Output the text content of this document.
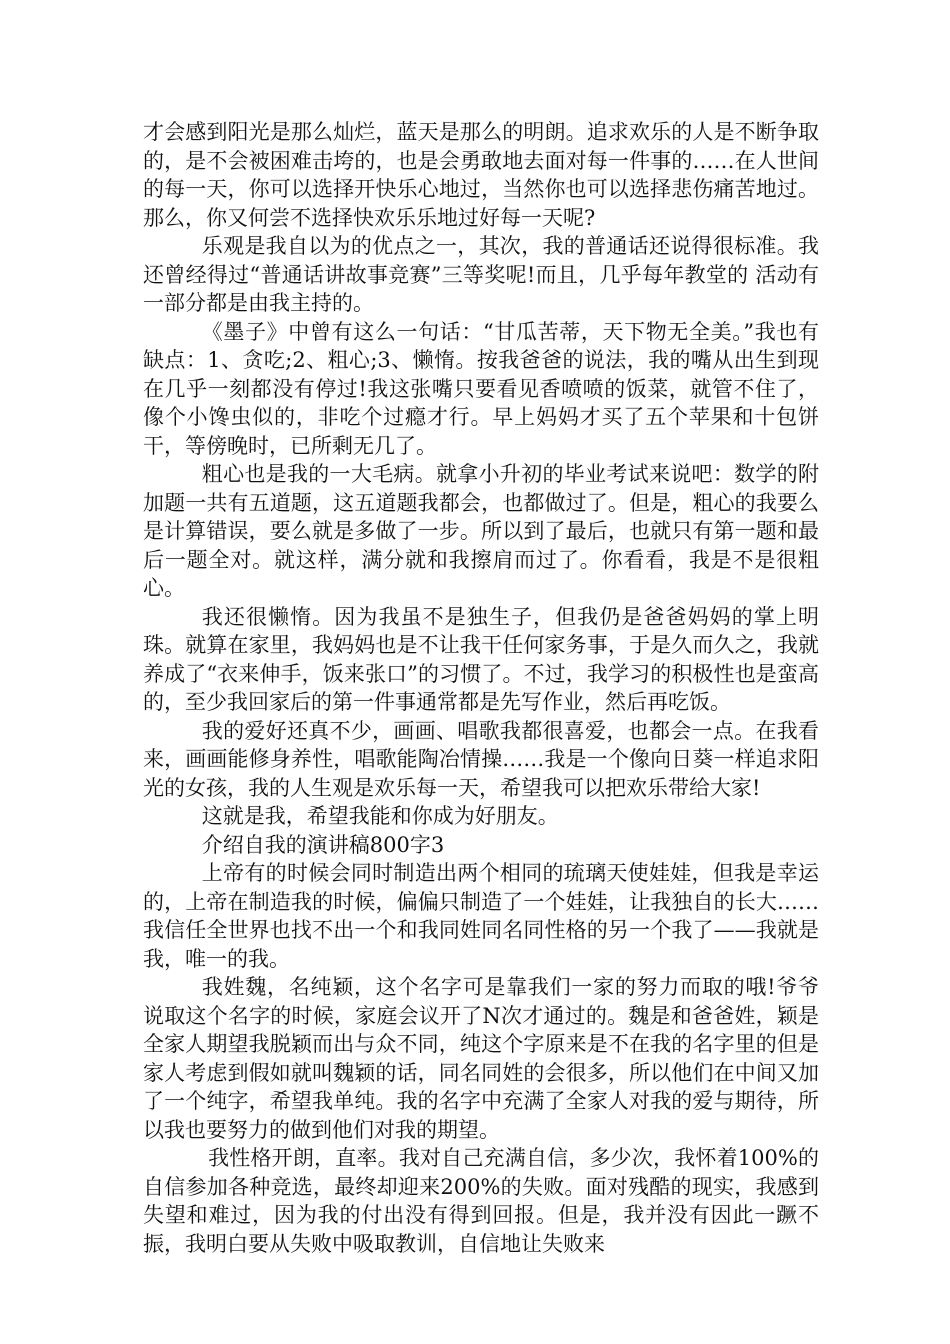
才会感到阳光是那么灿烂，蓝天是那么的明朗。追求欢乐的人是不断争取的，是不会被困难击垮的，也是会勇敢地去面对每一件事的……在人世间的每一天，你可以选择开快乐心地过，当然你也可以选择悲伤痛苦地过。那么，你又何尝不选择快欢乐乐地过好每一天呢?

乐观是我自以为的优点之一，其次，我的普通话还说得很标准。我还曾经得过“普通话讲故事竞赛”三等奖呢!而且，几乎每年教堂的 活动有一部分都是由我主持的。

《墨子》中曾有这么一句话：“甘瓜苦蒂，天下物无全美。”我也有缺点：1、贪吃;2、粗心;3、懒惰。按我爸爸的说法，我的嘴从出生到现在几乎一刻都没有停过!我这张嘴只要看见香喷喷的饭菜，就管不住了，像个小馋虫似的，非吃个过瘾才行。早上妈妈才买了五个苹果和十包饼干，等傍晚时，已所剩无几了。

粗心也是我的一大毛病。就拿小升初的毕业考试来说吧：数学的附加题一共有五道题，这五道题我都会，也都做过了。但是，粗心的我要么是计算错误，要么就是多做了一步。所以到了最后，也就只有第一题和最后一题全对。就这样，满分就和我擦肩而过了。你看看，我是不是很粗心。

我还很懒惰。因为我虽不是独生子，但我仍是爸爸妈妈的掌上明珠。就算在家里，我妈妈也是不让我干任何家务事，于是久而久之，我就养成了“衣来伸手，饭来张口”的习惯了。不过，我学习的积极性也是蛮高的，至少我回家后的第一件事通常都是先写作业，然后再吃饭。

我的爱好还真不少，画画、唱歌我都很喜爱，也都会一点。在我看来，画画能修身养性，唱歌能陶冶情操……我是一个像向日葵一样追求阳光的女孩，我的人生观是欢乐每一天，希望我可以把欢乐带给大家!

这就是我，希望我能和你成为好朋友。

介绍自我的演讲稿800字3

上帝有的时候会同时制造出两个相同的琉璃天使娃娃，但我是幸运的，上帝在制造我的时候，偏偏只制造了一个娃娃，让我独自的长大……我信任全世界也找不出一个和我同姓同名同性格的另一个我了——我就是我，唯一的我。

我姓魏，名纯颖，这个名字可是靠我们一家的努力而取的哦!爷爷说取这个名字的时候，家庭会议开了N次才通过的。魏是和爸爸姓，颖是全家人期望我脱颖而出与众不同，纯这个字原来是不在我的名字里的但是家人考虑到假如就叫魏颖的话，同名同姓的会很多，所以他们在中间又加了一个纯字，希望我单纯。我的名字中充满了全家人对我的爱与期待，所以我也要努力的做到他们对我的期望。

我性格开朗，直率。我对自己充满自信，多少次，我怀着100%的自信参加各种竞选，最终却迎来200%的失败。面对残酷的现实，我感到失望和难过，因为我的付出没有得到回报。但是，我并没有因此一蹶不振，我明白要从失败中吸取教训，自信地让失败来
